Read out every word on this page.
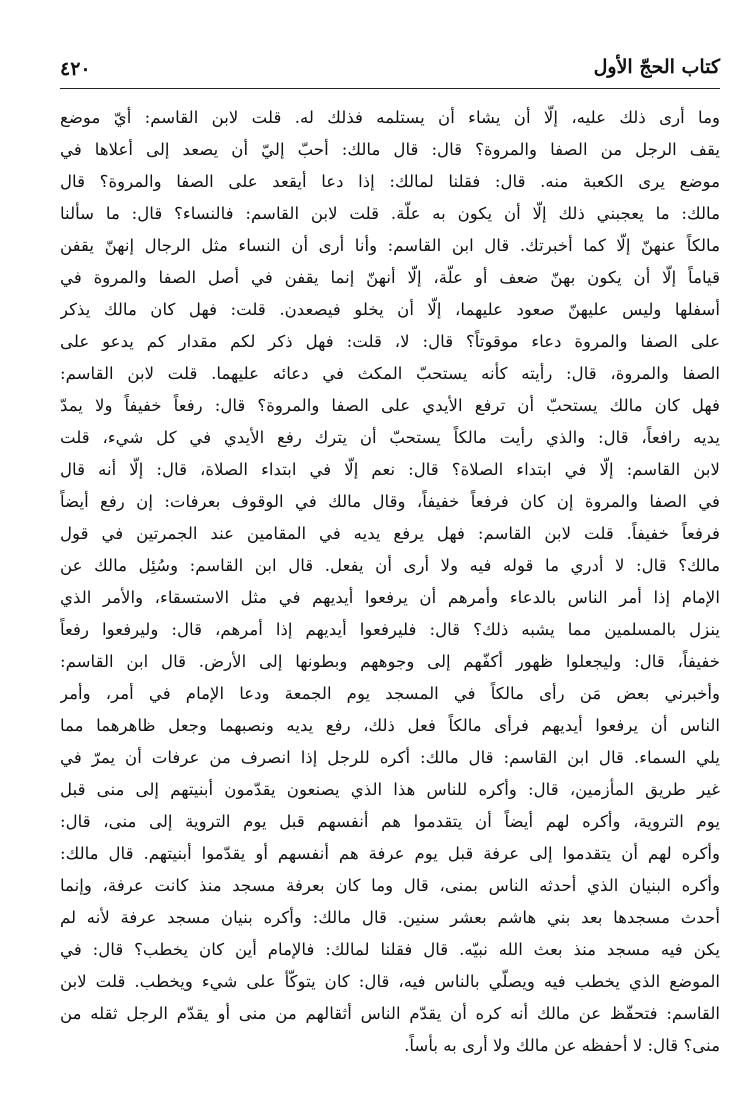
كتاب الحجّ الأول
٤٢٠
وما أرى ذلك عليه، إلّا أن يشاء أن يستلمه فذلك له. قلت لابن القاسم: أيّ موضع
يقف الرجل من الصفا والمروة؟ قال: قال مالك: أحبّ إليّ أن يصعد إلى أعلاها في
موضع يرى الكعبة منه. قال: فقلنا لمالك: إذا دعا أيقعد على الصفا والمروة؟ قال
مالك: ما يعجبني ذلك إلّا أن يكون به علّة. قلت لابن القاسم: فالنساء؟ قال: ما سألنا
مالكاً عنهنّ إلّا كما أخبرتك. قال ابن القاسم: وأنا أرى أن النساء مثل الرجال إنهنّ يقفن
قياماً إلّا أن يكون بهنّ ضعف أو علّة، إلّا أنهنّ إنما يقفن في أصل الصفا والمروة في
أسفلها وليس عليهنّ صعود عليهما، إلّا أن يخلو فيصعدن. قلت: فهل كان مالك يذكر
على الصفا والمروة دعاء موقوتاً؟ قال: لا، قلت: فهل ذكر لكم مقدار كم يدعو على
الصفا والمروة، قال: رأيته كأنه يستحبّ المكث في دعائه عليهما. قلت لابن القاسم:
فهل كان مالك يستحبّ أن ترفع الأيدي على الصفا والمروة؟ قال: رفعاً خفيفاً ولا يمدّ
يديه رافعاً، قال: والذي رأيت مالكاً يستحبّ أن يترك رفع الأيدي في كل شيء، قلت
لابن القاسم: إلّا في ابتداء الصلاة؟ قال: نعم إلّا في ابتداء الصلاة، قال: إلّا أنه قال
في الصفا والمروة إن كان فرفعاً خفيفاً، وقال مالك في الوقوف بعرفات: إن رفع أيضاً
فرفعاً خفيفاً. قلت لابن القاسم: فهل يرفع يديه في المقامين عند الجمرتين في قول
مالك؟ قال: لا أدري ما قوله فيه ولا أرى أن يفعل. قال ابن القاسم: وسُئِل مالك عن
الإمام إذا أمر الناس بالدعاء وأمرهم أن يرفعوا أيديهم في مثل الاستسقاء، والأمر الذي
ينزل بالمسلمين مما يشبه ذلك؟ قال: فليرفعوا أيديهم إذا أمرهم، قال: وليرفعوا رفعاً
خفيفاً، قال: وليجعلوا ظهور أكفّهم إلى وجوههم وبطونها إلى الأرض. قال ابن القاسم:
وأخبرني بعض مَن رأى مالكاً في المسجد يوم الجمعة ودعا الإمام في أمر، وأمر
الناس أن يرفعوا أيديهم فرأى مالكاً فعل ذلك، رفع يديه ونصبهما وجعل ظاهرهما مما
يلي السماء. قال ابن القاسم: قال مالك: أكره للرجل إذا انصرف من عرفات أن يمرّ في
غير طريق المأزمين، قال: وأكره للناس هذا الذي يصنعون يقدّمون أبنيتهم إلى منى قبل
يوم التروية، وأكره لهم أيضاً أن يتقدموا هم أنفسهم قبل يوم التروية إلى منى، قال:
وأكره لهم أن يتقدموا إلى عرفة قبل يوم عرفة هم أنفسهم أو يقدّموا أبنيتهم. قال مالك:
وأكره البنيان الذي أحدثه الناس بمنى، قال وما كان بعرفة مسجد منذ كانت عرفة، وإنما
أحدث مسجدها بعد بني هاشم بعشر سنين. قال مالك: وأكره بنيان مسجد عرفة لأنه لم
يكن فيه مسجد منذ بعث الله نبيّه. قال فقلنا لمالك: فالإمام أين كان يخطب؟ قال: في
الموضع الذي يخطب فيه ويصلّي بالناس فيه، قال: كان يتوكّأ على شيء ويخطب. قلت لابن
القاسم: فتحفّظ عن مالك أنه كره أن يقدّم الناس أثقالهم من منى أو يقدّم الرجل ثقله من
منى؟ قال: لا أحفظه عن مالك ولا أرى به بأساً.
